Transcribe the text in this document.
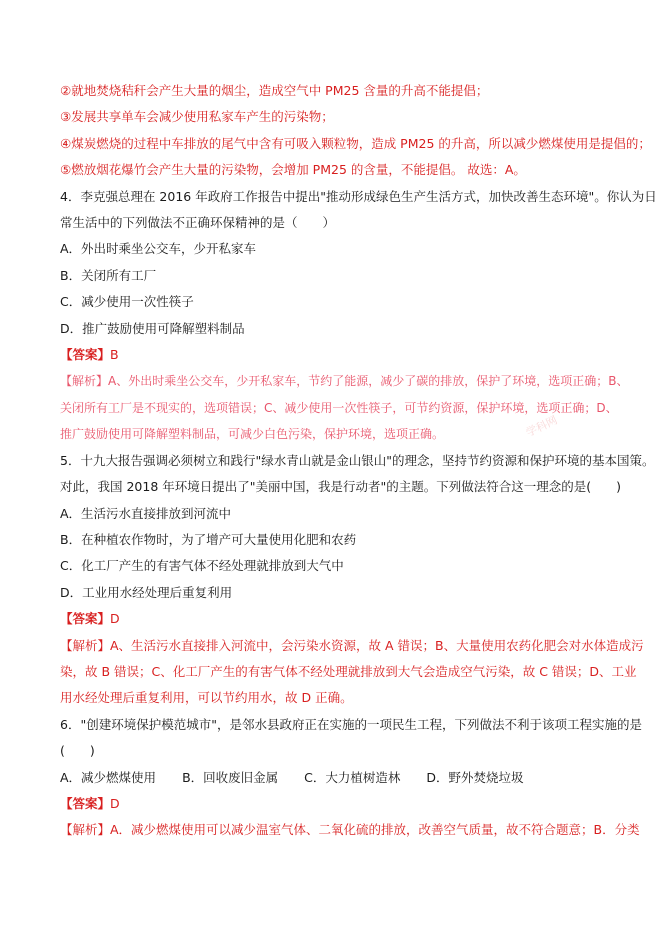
②就地焚烧秸秆会产生大量的烟尘，造成空气中 PM25 含量的升高不能提倡；
③发展共享单车会减少使用私家车产生的污染物；
④煤炭燃烧的过程中车排放的尾气中含有可吸入颗粒物，造成 PM25 的升高，所以减少燃煤使用是提倡的；
⑤燃放烟花爆竹会产生大量的污染物，会增加 PM25 的含量，不能提倡。 故选：A。
4．李克强总理在 2016 年政府工作报告中提出"推动形成绿色生产生活方式，加快改善生态环境"。你认为日
常生活中的下列做法不正确环保精神的是（　　）
A．外出时乘坐公交车，少开私家车
B．关闭所有工厂
C．减少使用一次性筷子
D．推广鼓励使用可降解塑料制品
【答案】B
【解析】A、外出时乘坐公交车，少开私家车，节约了能源，减少了碳的排放，保护了环境，选项正确；B、
关闭所有工厂是不现实的，选项错误；C、减少使用一次性筷子，可节约资源，保护环境，选项正确；D、
推广鼓励使用可降解塑料制品，可减少白色污染，保护环境，选项正确。
5．十九大报告强调必须树立和践行"绿水青山就是金山银山"的理念，坚持节约资源和保护环境的基本国策。
对此，我国 2018 年环境日提出了"美丽中国，我是行动者"的主题。下列做法符合这一理念的是(　　)
A．生活污水直接排放到河流中
B．在种植农作物时，为了增产可大量使用化肥和农药
C．化工厂产生的有害气体不经处理就排放到大气中
D．工业用水经处理后重复利用
【答案】D
【解析】A、生活污水直接排入河流中，会污染水资源，故 A 错误；B、大量使用农药化肥会对水体造成污
染，故 B 错误；C、化工厂产生的有害气体不经处理就排放到大气会造成空气污染，故 C 错误；D、工业
用水经处理后重复利用，可以节约用水，故 D 正确。
6．"创建环境保护模范城市"，是邻水县政府正在实施的一项民生工程，下列做法不利于该项工程实施的是
(　　)
A．减少燃煤使用 B．回收废旧金属 C．大力植树造林 D．野外焚烧垃圾
【答案】D
【解析】A．减少燃煤使用可以减少温室气体、二氧化硫的排放，改善空气质量，故不符合题意；B．分类
学科网
